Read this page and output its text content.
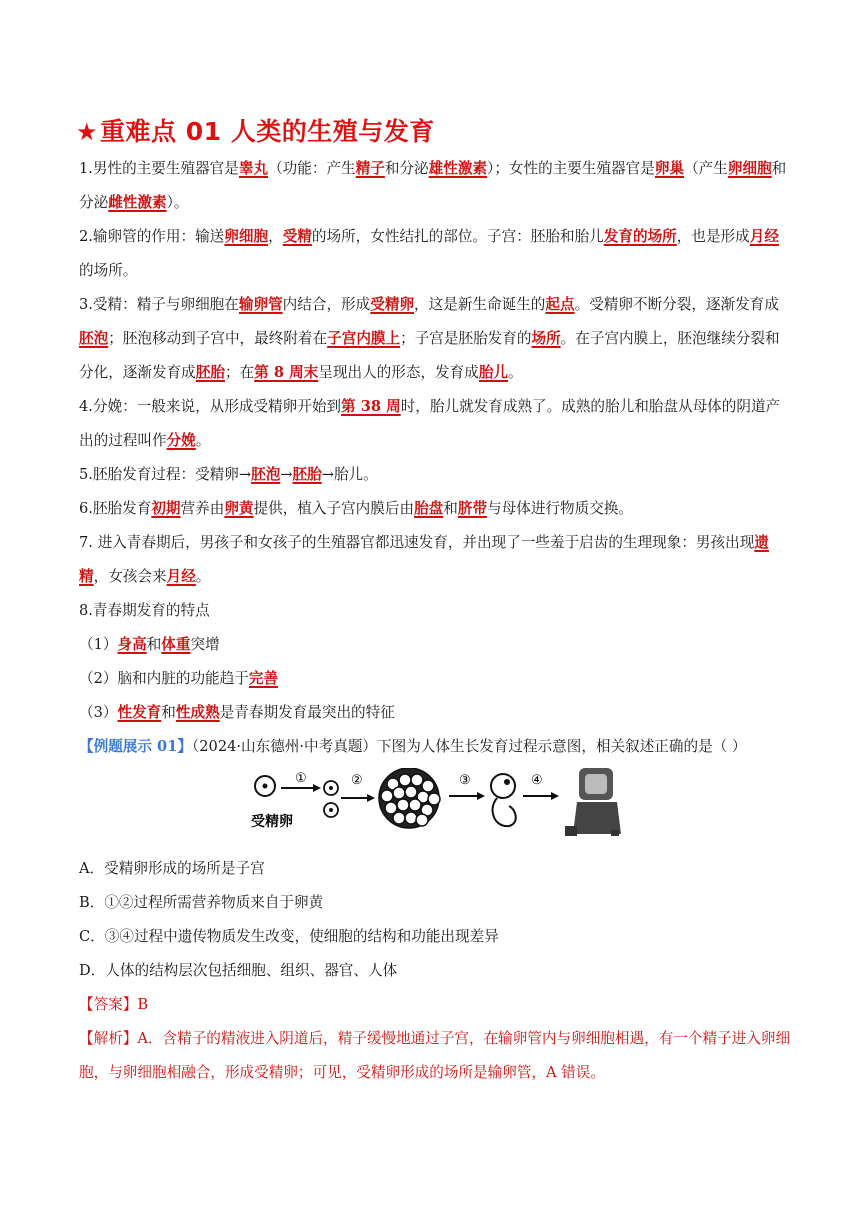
★重难点 01 人类的生殖与发育

1.男性的主要生殖器官是睾丸（功能：产生精子和分泌雄性激素）；女性的主要生殖器官是卵巢（产生卵细胞和分泌雌性激素）。

2.输卵管的作用：输送卵细胞，受精的场所，女性结扎的部位。子宫：胚胎和胎儿发育的场所，也是形成月经的场所。

3.受精：精子与卵细胞在输卵管内结合，形成受精卵，这是新生命诞生的起点。受精卵不断分裂，逐渐发育成胚泡；胚泡移动到子宫中，最终附着在子宫内膜上；子宫是胚胎发育的场所。在子宫内膜上，胚泡继续分裂和分化，逐渐发育成胚胎；在第 8 周末呈现出人的形态，发育成胎儿。

4.分娩：一般来说，从形成受精卵开始到第 38 周时，胎儿就发育成熟了。成熟的胎儿和胎盘从母体的阴道产出的过程叫作分娩。

5.胚胎发育过程：受精卵→胚泡→胚胎→胎儿。

6.胚胎发育初期营养由卵黄提供，植入子宫内膜后由胎盘和脐带与母体进行物质交换。

7. 进入青春期后，男孩子和女孩子的生殖器官都迅速发育，并出现了一些羞于启齿的生理现象：男孩出现遗精，女孩会来月经。

8.青春期发育的特点

（1）身高和体重突增

（2）脑和内脏的功能趋于完善

（3）性发育和性成熟是青春期发育最突出的特征

【例题展示 01】（2024·山东德州·中考真题）下图为人体生长发育过程示意图，相关叙述正确的是（ ）

受精卵
①	②	③	④

A．受精卵形成的场所是子宫

B．①②过程所需营养物质来自于卵黄

C．③④过程中遗传物质发生改变，使细胞的结构和功能出现差异

D．人体的结构层次包括细胞、组织、器官、人体

【答案】B

【解析】A．含精子的精液进入阴道后，精子缓慢地通过子宫，在输卵管内与卵细胞相遇，有一个精子进入卵细胞，与卵细胞相融合，形成受精卵；可见，受精卵形成的场所是输卵管，A 错误。
